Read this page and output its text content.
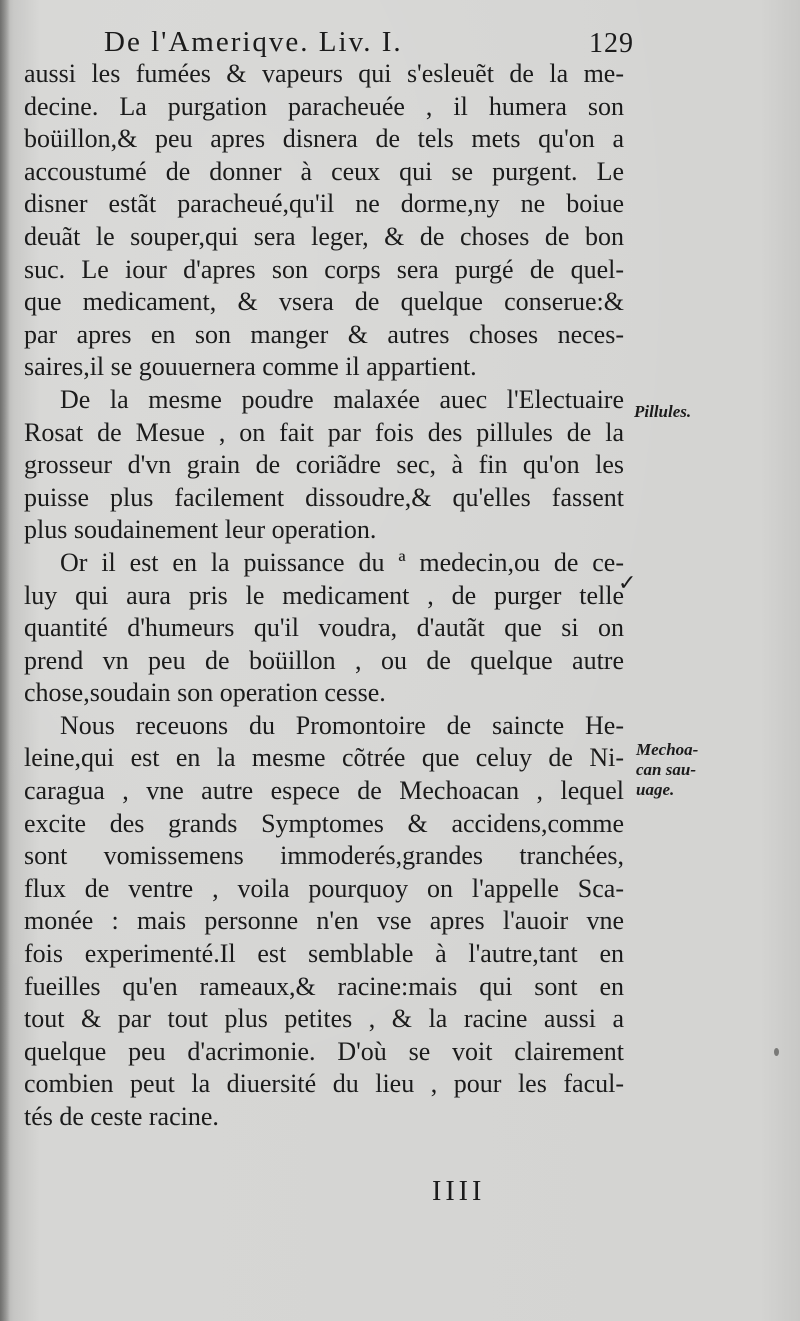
De l'Ameriqve. Liv. I.	129
aussi les fumées & vapeurs qui s'esleuẽt de la me-
decine. La purgation paracheuée , il humera son
boüillon,& peu apres disnera de tels mets qu'on a
accoustumé de donner à ceux qui se purgent. Le
disner estãt paracheué,qu'il ne dorme,ny ne boiue
deuãt le souper,qui sera leger, & de choses de bon
suc. Le iour d'apres son corps sera purgé de quel-
que medicament, & vsera de quelque conserue:&
par apres en son manger & autres choses neces-
saires,il se gouuernera comme il appartient.
De la mesme poudre malaxée auec l'Electuaire
Rosat de Mesue , on fait par fois des pillules de la
grosseur d'vn grain de coriãdre sec, à fin qu'on les
puisse plus facilement dissoudre,& qu'elles fassent
plus soudainement leur operation.
Or il est en la puissance du ª medecin,ou de ce-
luy qui aura pris le medicament , de purger telle
quantité d'humeurs qu'il voudra, d'autãt que si on
prend vn peu de boüillon , ou de quelque autre
chose,soudain son operation cesse.
Nous receuons du Promontoire de saincte He-
leine,qui est en la mesme cõtrée que celuy de Ni-
caragua , vne autre espece de Mechoacan , lequel
excite des grands Symptomes & accidens,comme
sont vomissemens immoderés,grandes tranchées,
flux de ventre , voila pourquoy on l'appelle Sca-
monée : mais personne n'en vse apres l'auoir vne
fois experimenté.Il est semblable à l'autre,tant en
fueilles qu'en rameaux,& racine:mais qui sont en
tout & par tout plus petites , & la racine aussi a
quelque peu d'acrimonie. D'où se voit clairement
combien peut la diuersité du lieu , pour les facul-
tés de ceste racine.
Pillules.
Mechoa-
can sau-
uage.
✓
IIII
